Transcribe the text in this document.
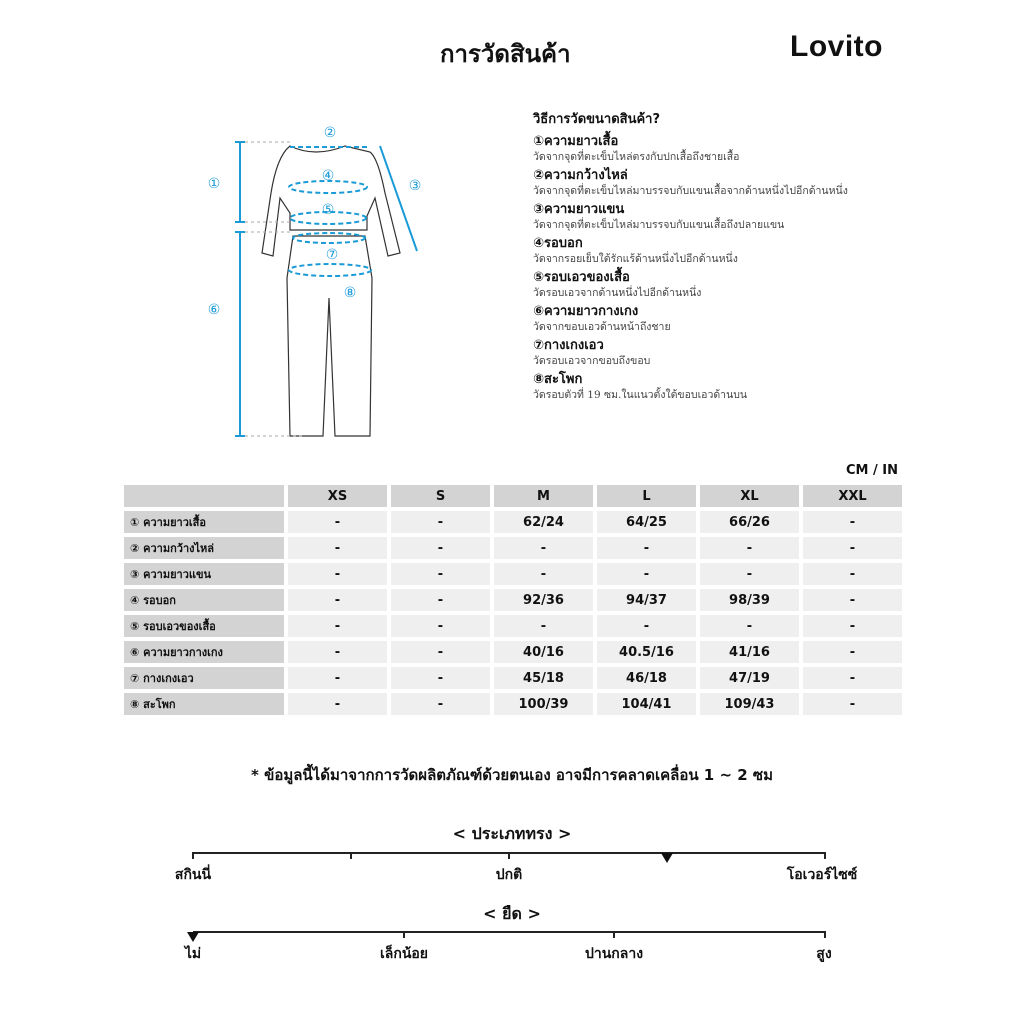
การวัดสินค้า	Lovito
①
②
③
④
⑤
⑥
⑦
⑧
วิธีการวัดขนาดสินค้า?
①ความยาวเสื้อ
วัดจากจุดที่ตะเข็บไหล่ตรงกับปกเสื้อถึงชายเสื้อ
②ความกว้างไหล่
วัดจากจุดที่ตะเข็บไหล่มาบรรจบกับแขนเสื้อจากด้านหนึ่งไปอีกด้านหนึ่ง
③ความยาวแขน
วัดจากจุดที่ตะเข็บไหล่มาบรรจบกับแขนเสื้อถึงปลายแขน
④รอบอก
วัดจากรอยเย็บใต้รักแร้ด้านหนึ่งไปอีกด้านหนึ่ง
⑤รอบเอวของเสื้อ
วัดรอบเอวจากด้านหนึ่งไปอีกด้านหนึ่ง
⑥ความยาวกางเกง
วัดจากขอบเอวด้านหน้าถึงชาย
⑦กางเกงเอว
วัดรอบเอวจากขอบถึงขอบ
⑧สะโพก
วัดรอบตัวที่ 19 ซม.ในแนวตั้งใต้ขอบเอวด้านบน
CM / IN
	XS	S	M	L	XL	XXL
① ความยาวเสื้อ	-	-	62/24	64/25	66/26	-
② ความกว้างไหล่	-	-	-	-	-	-
③ ความยาวแขน	-	-	-	-	-	-
④ รอบอก	-	-	92/36	94/37	98/39	-
⑤ รอบเอวของเสื้อ	-	-	-	-	-	-
⑥ ความยาวกางเกง	-	-	40/16	40.5/16	41/16	-
⑦ กางเกงเอว	-	-	45/18	46/18	47/19	-
⑧ สะโพก	-	-	100/39	104/41	109/43	-
* ข้อมูลนี้ได้มาจากการวัดผลิตภัณฑ์ด้วยตนเอง อาจมีการคลาดเคลื่อน 1 ~ 2 ซม
< ประเภททรง >
สกินนี่	ปกติ	โอเวอร์ไซซ์
< ยืด >
ไม่	เล็กน้อย	ปานกลาง	สูง
